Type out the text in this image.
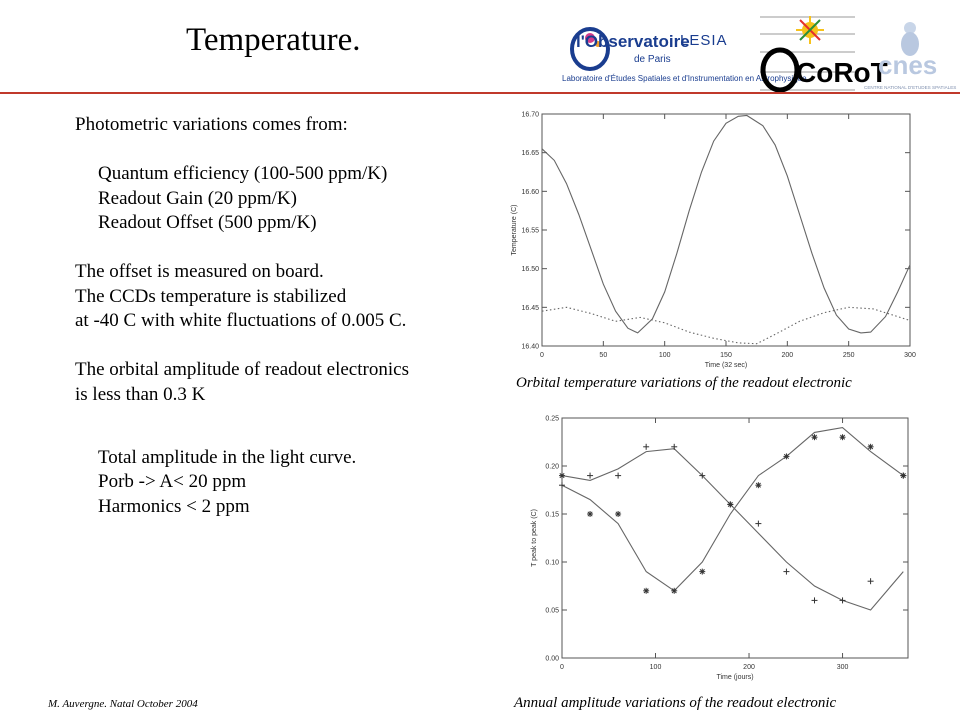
Temperature.	l'Observatoire
de Paris
LESIA
Laboratoire d'Études Spatiales et d'Instrumentation en Astrophysique
CoRoT
cnes
CENTRE NATIONAL D'ETUDES SPATIALES
Photometric variations comes from:
Quantum efficiency (100-500 ppm/K)
Readout Gain (20 ppm/K)
Readout Offset (500 ppm/K)
The offset is measured on board.
The CCDs temperature is stabilized
at -40 C with white fluctuations of 0.005 C.
The orbital amplitude of readout electronics
is less than 0.3 K
Total amplitude in the light curve.
Porb -> A< 20 ppm
Harmonics < 2 ppm
0	50	100	150	200	250	300
16.40
16.45
16.50
16.55
16.60
16.65
16.70
Time (32 sec)
Temperature (C)
Orbital temperature variations of the readout electronic
0	100	200	300
0.00
0.05
0.10
0.15
0.20
0.25
Time (jours)
T peak to peak (C)
Annual amplitude variations of the readout electronic
M. Auvergne. Natal October 2004
